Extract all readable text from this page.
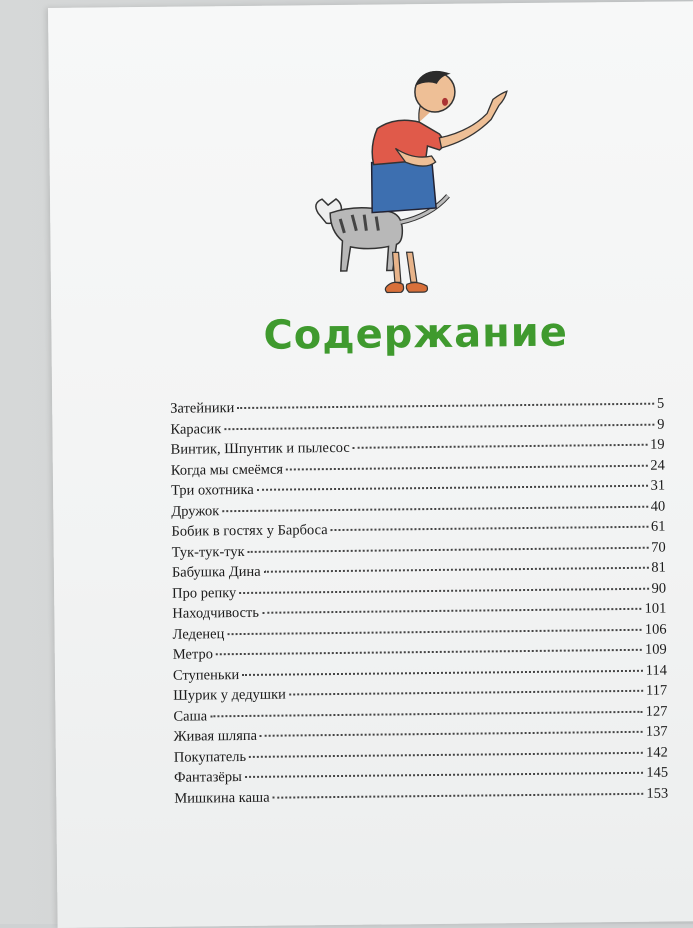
Содержание
Затейники	5
Карасик	9
Винтик, Шпунтик и пылесос	19
Когда мы смеёмся	24
Три охотника	31
Дружок	40
Бобик в гостях у Барбоса	61
Тук-тук-тук	70
Бабушка Дина	81
Про репку	90
Находчивость	101
Леденец	106
Метро	109
Ступеньки	114
Шурик у дедушки	117
Саша	127
Живая шляпа	137
Покупатель	142
Фантазёры	145
Мишкина каша	153
